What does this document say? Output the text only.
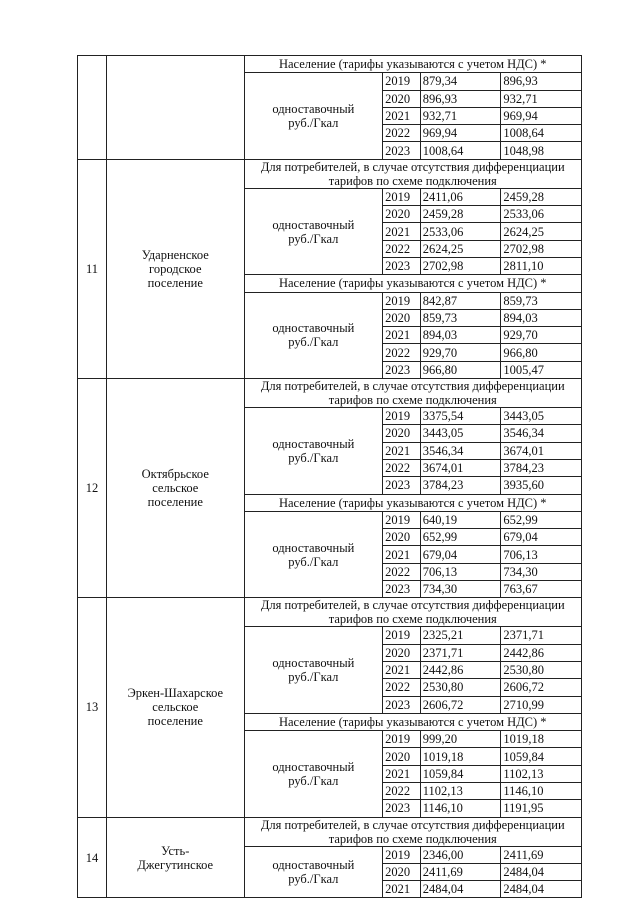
	Население (тарифы указываются с учетом НДС) *			

		одноставочный
руб./Гкал	2019	879,34	896,93
			2020	896,93	932,71
			2021	932,71	969,94
			2022	969,94	1008,64
			2023	1008,64	1048,98
11	Ударненское
городское
поселение	Для потребителей, в случае отсутствия дифференциации тарифов по схеме подключения			

		одноставочный
руб./Гкал	2019	2411,06	2459,28
			2020	2459,28	2533,06
			2021	2533,06	2624,25
			2022	2624,25	2702,98
			2023	2702,98	2811,10
		Население (тарифы указываются с учетом НДС) *			

		одноставочный
руб./Гкал	2019	842,87	859,73
			2020	859,73	894,03
			2021	894,03	929,70
			2022	929,70	966,80
			2023	966,80	1005,47
12	Октябрьское
сельское
поселение	Для потребителей, в случае отсутствия дифференциации тарифов по схеме подключения			

		одноставочный
руб./Гкал	2019	3375,54	3443,05
			2020	3443,05	3546,34
			2021	3546,34	3674,01
			2022	3674,01	3784,23
			2023	3784,23	3935,60
		Население (тарифы указываются с учетом НДС) *			

		одноставочный
руб./Гкал	2019	640,19	652,99
			2020	652,99	679,04
			2021	679,04	706,13
			2022	706,13	734,30
			2023	734,30	763,67
13	Эркен-Шахарское
сельское
поселение	Для потребителей, в случае отсутствия дифференциации тарифов по схеме подключения			

		одноставочный
руб./Гкал	2019	2325,21	2371,71
			2020	2371,71	2442,86
			2021	2442,86	2530,80
			2022	2530,80	2606,72
			2023	2606,72	2710,99
		Население (тарифы указываются с учетом НДС) *			

		одноставочный
руб./Гкал	2019	999,20	1019,18
			2020	1019,18	1059,84
			2021	1059,84	1102,13
			2022	1102,13	1146,10
			2023	1146,10	1191,95
14	Усть-
Джегутинское	Для потребителей, в случае отсутствия дифференциации тарифов по схеме подключения			

		одноставочный
руб./Гкал	2019	2346,00	2411,69
			2020	2411,69	2484,04
			2021	2484,04	2484,04
